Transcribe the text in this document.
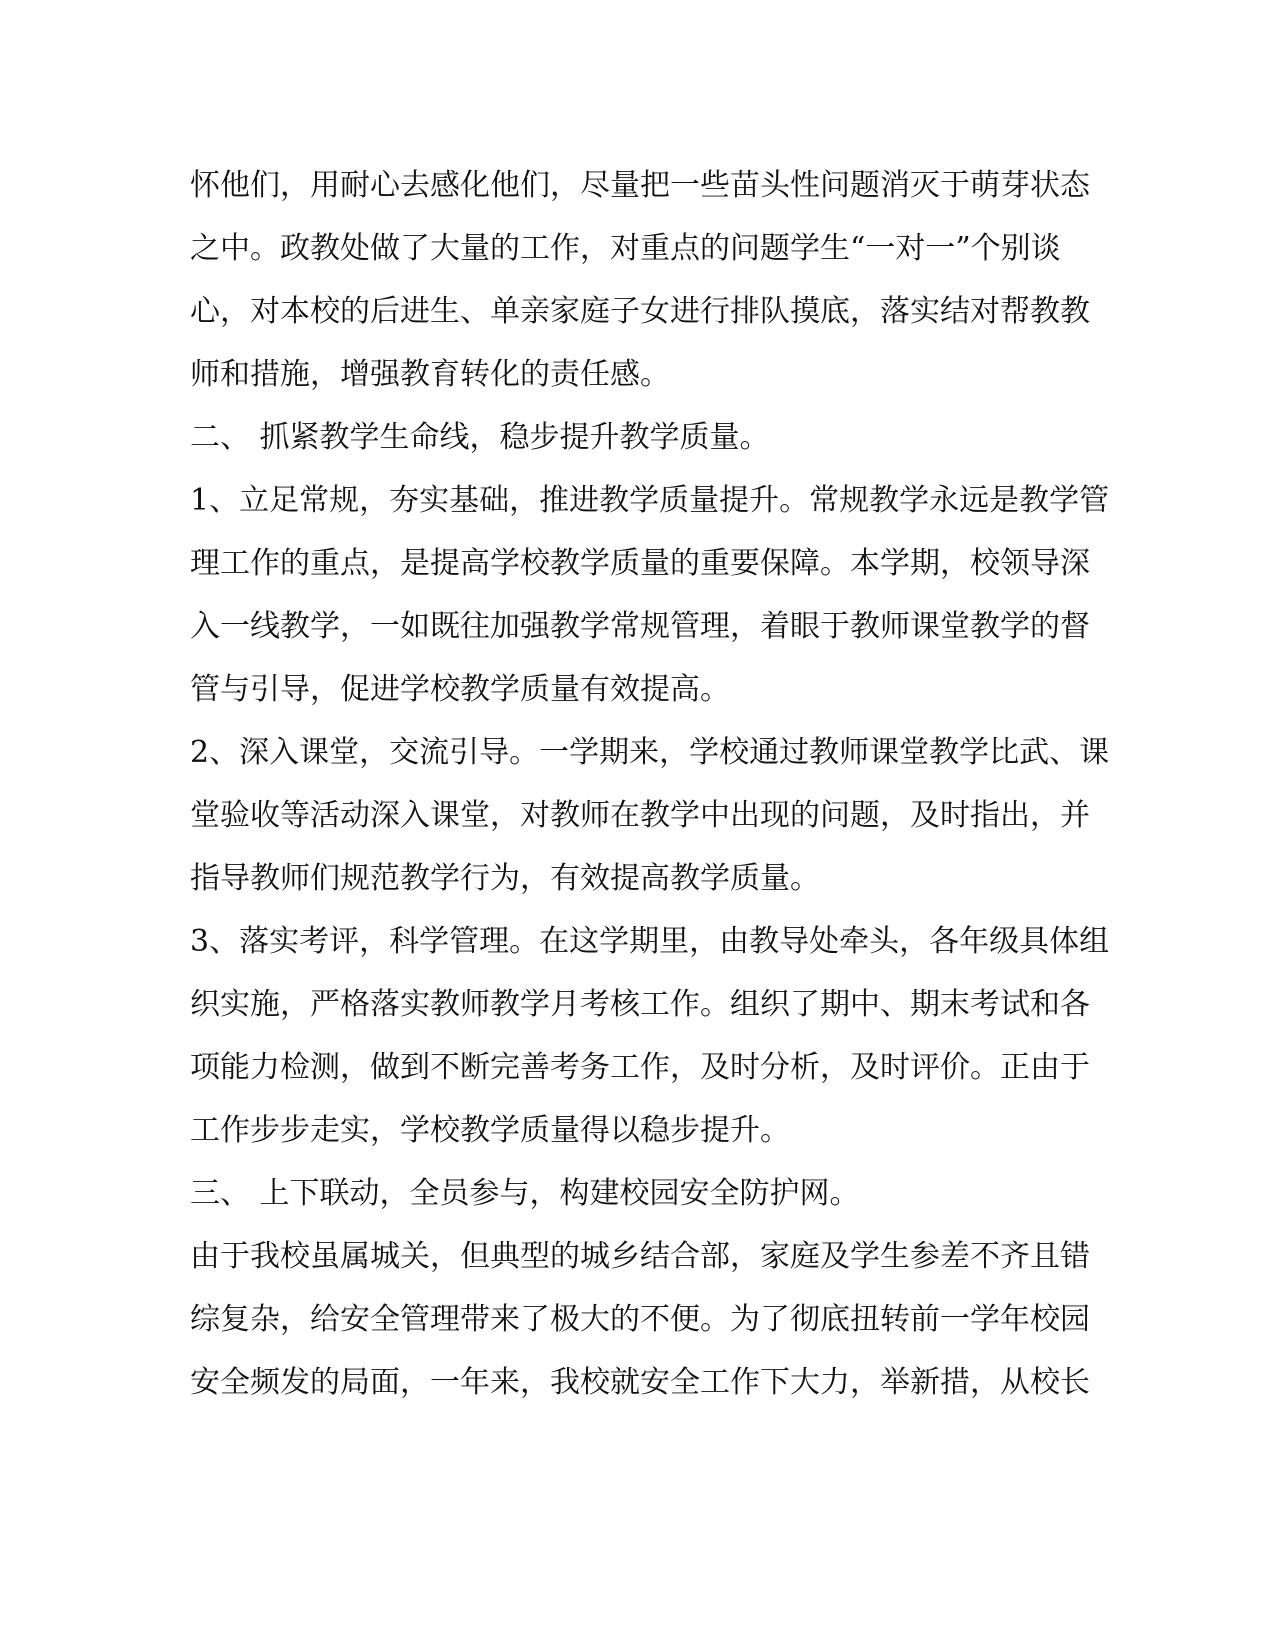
怀他们，用耐心去感化他们，尽量把一些苗头性问题消灭于萌芽状态
之中。政教处做了大量的工作，对重点的问题学生“一对一”个别谈
心，对本校的后进生、单亲家庭子女进行排队摸底，落实结对帮教教
师和措施，增强教育转化的责任感。
二、 抓紧教学生命线，稳步提升教学质量。
1、立足常规，夯实基础，推进教学质量提升。常规教学永远是教学管
理工作的重点，是提高学校教学质量的重要保障。本学期，校领导深
入一线教学，一如既往加强教学常规管理，着眼于教师课堂教学的督
管与引导，促进学校教学质量有效提高。
2、深入课堂，交流引导。一学期来，学校通过教师课堂教学比武、课
堂验收等活动深入课堂，对教师在教学中出现的问题，及时指出，并
指导教师们规范教学行为，有效提高教学质量。
3、落实考评，科学管理。在这学期里，由教导处牵头，各年级具体组
织实施，严格落实教师教学月考核工作。组织了期中、期末考试和各
项能力检测，做到不断完善考务工作，及时分析，及时评价。正由于
工作步步走实，学校教学质量得以稳步提升。
三、 上下联动，全员参与，构建校园安全防护网。
由于我校虽属城关，但典型的城乡结合部，家庭及学生参差不齐且错
综复杂，给安全管理带来了极大的不便。为了彻底扭转前一学年校园
安全频发的局面，一年来，我校就安全工作下大力，举新措，从校长
